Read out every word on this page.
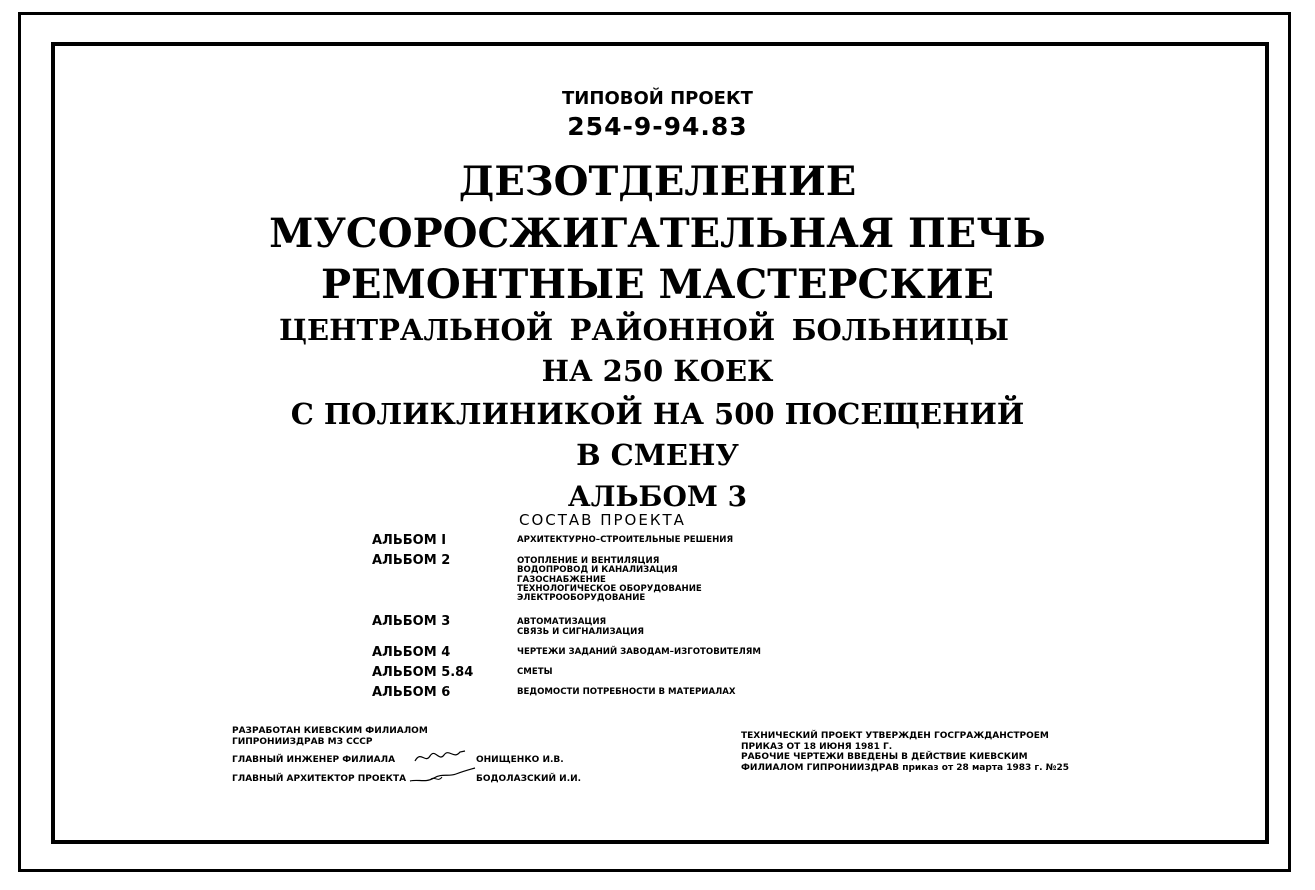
ТИПОВОЙ ПРОЕКТ
254-9-94.83
ДЕЗОТДЕЛЕНИЕ
МУСОРОСЖИГАТЕЛЬНАЯ ПЕЧЬ
РЕМОНТНЫЕ МАСТЕРСКИЕ
ЦЕНТРАЛЬНОЙ РАЙОННОЙ БОЛЬНИЦЫ
НА 250 КОЕК
С ПОЛИКЛИНИКОЙ НА 500 ПОСЕЩЕНИЙ
В СМЕНУ
АЛЬБОМ 3
СОСТАВ ПРОЕКТА
АЛЬБОМ I	АРХИТЕКТУРНО–СТРОИТЕЛЬНЫЕ РЕШЕНИЯ
АЛЬБОМ 2	ОТОПЛЕНИЕ И ВЕНТИЛЯЦИЯ
ВОДОПРОВОД И КАНАЛИЗАЦИЯ
ГАЗОСНАБЖЕНИЕ
ТЕХНОЛОГИЧЕСКОЕ ОБОРУДОВАНИЕ
ЭЛЕКТРООБОРУДОВАНИЕ
АЛЬБОМ 3	АВТОМАТИЗАЦИЯ
СВЯЗЬ И СИГНАЛИЗАЦИЯ
АЛЬБОМ 4	ЧЕРТЕЖИ ЗАДАНИЙ ЗАВОДАМ–ИЗГОТОВИТЕЛЯМ
АЛЬБОМ 5.84	СМЕТЫ
АЛЬБОМ 6	ВЕДОМОСТИ ПОТРЕБНОСТИ В МАТЕРИАЛАХ
РАЗРАБОТАН КИЕВСКИМ ФИЛИАЛОМ
ГИПРОНИИЗДРАВ МЗ СССР
ГЛАВНЫЙ ИНЖЕНЕР ФИЛИАЛА	ОНИЩЕНКО И.В.
ГЛАВНЫЙ АРХИТЕКТОР ПРОЕКТА	БОДОЛАЗСКИЙ И.И.
ТЕХНИЧЕСКИЙ ПРОЕКТ УТВЕРЖДЕН ГОСГРАЖДАНСТРОЕМ
ПРИКАЗ ОТ 18 ИЮНЯ 1981 Г.
РАБОЧИЕ ЧЕРТЕЖИ ВВЕДЕНЫ В ДЕЙСТВИЕ КИЕВСКИМ
ФИЛИАЛОМ ГИПРОНИИЗДРАВ приказ от 28 марта 1983 г. №25
